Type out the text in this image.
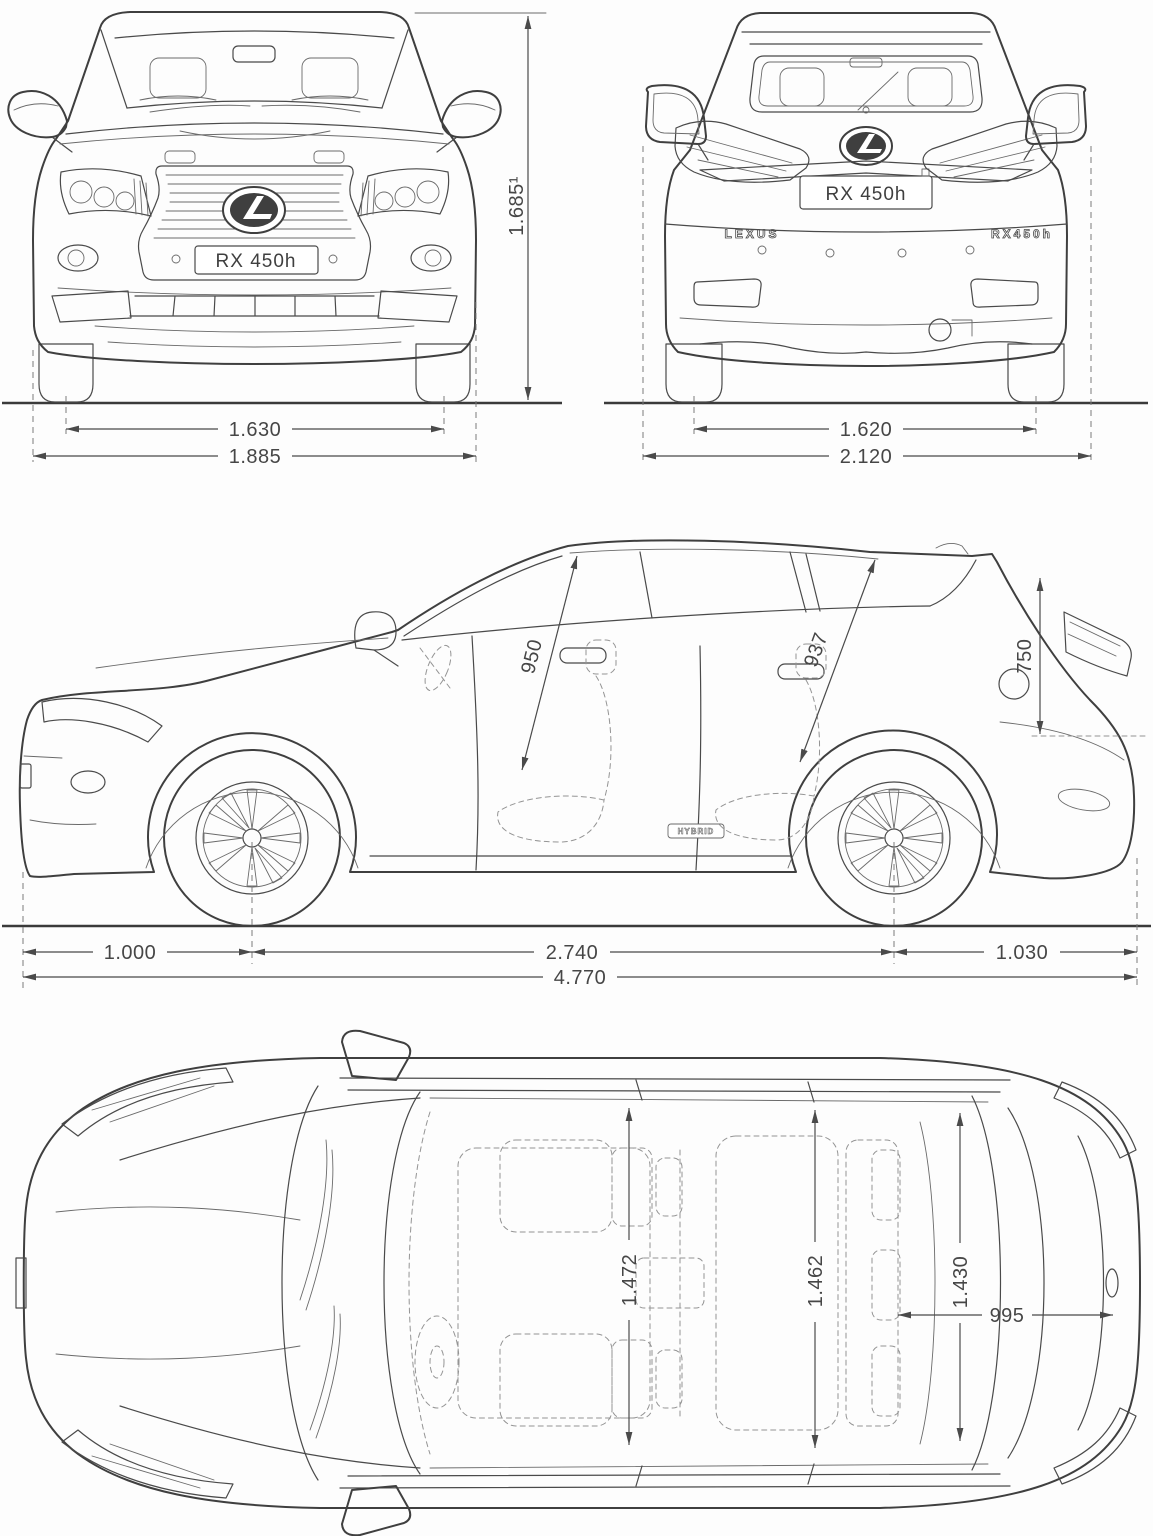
RX 450h
1.685¹
1.630
1.885
RX 450h
LEXUS	RX450h
1.620
2.120
HYBRID
950	937	750
1.000	2.740	1.030
4.770
1.472	1.462	1.430
995
